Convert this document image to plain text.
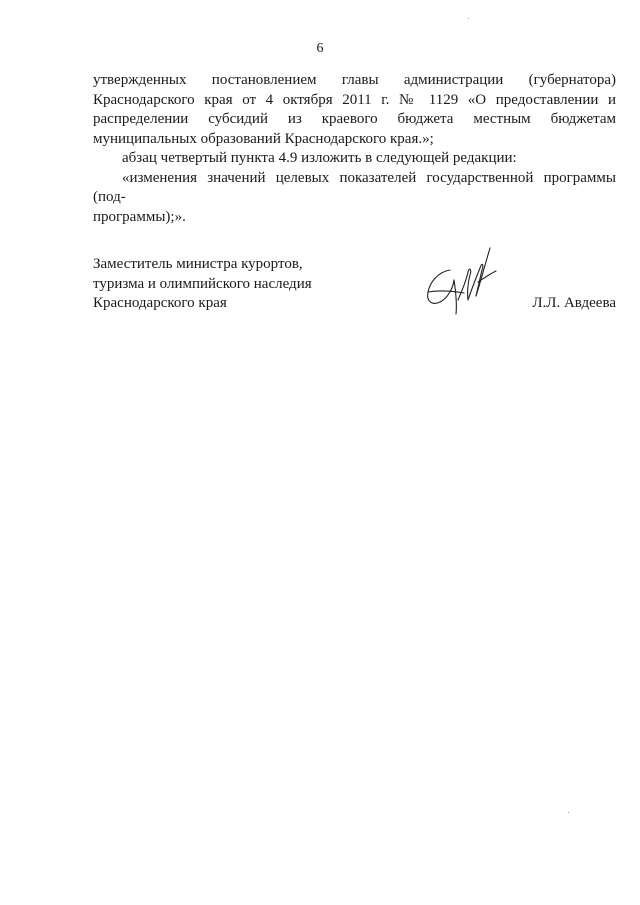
6

утвержденных постановлением главы администрации (губернатора)

Краснодарского края от 4 октября 2011 г. № 1129 «О предоставлении и

распределении субсидий из краевого бюджета местным бюджетам

муниципальных образований Краснодарского края.»;

абзац четвертый пункта 4.9 изложить в следующей редакции:

«изменения значений целевых показателей государственной программы (под-

программы);».

Заместитель министра курортов,
туризма и олимпийского наследия
Краснодарского края	Л.Л. Авдеева
